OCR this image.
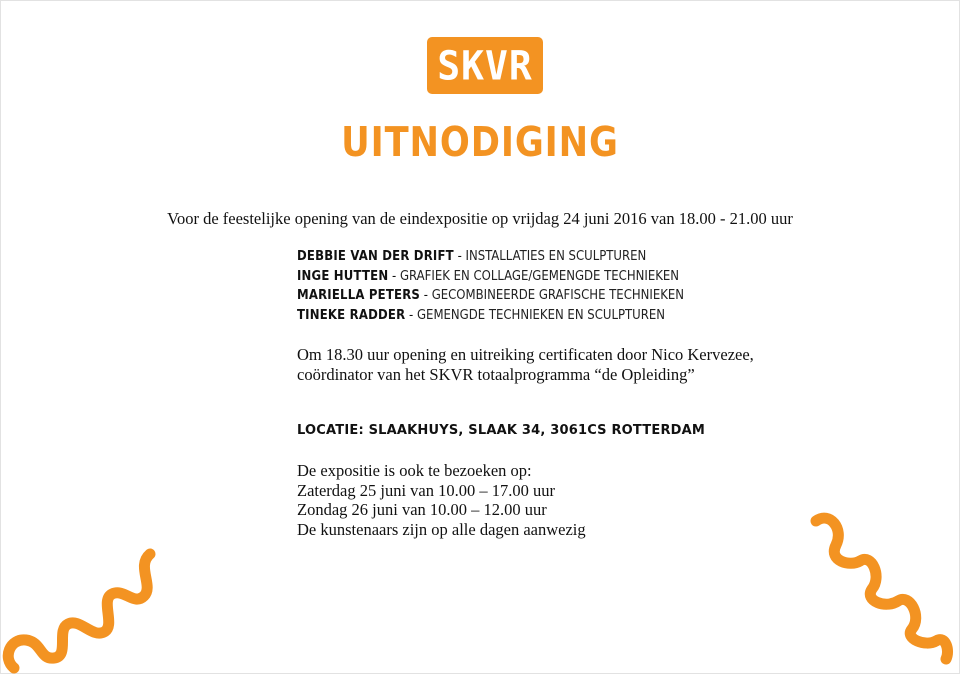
SKVR
UITNODIGING
Voor de feestelijke opening van de eindexpositie op vrijdag 24 juni 2016 van 18.00 - 21.00 uur
DEBBIE VAN DER DRIFT - INSTALLATIES EN SCULPTUREN
INGE HUTTEN - GRAFIEK EN COLLAGE/GEMENGDE TECHNIEKEN
MARIELLA PETERS - GECOMBINEERDE GRAFISCHE TECHNIEKEN
TINEKE RADDER - GEMENGDE TECHNIEKEN EN SCULPTUREN
Om 18.30 uur opening en uitreiking certificaten door Nico Kervezee,
coördinator van het SKVR totaalprogramma “de Opleiding”
LOCATIE: SLAAKHUYS, SLAAK 34, 3061CS ROTTERDAM
De expositie is ook te bezoeken op:
Zaterdag 25 juni van 10.00 – 17.00 uur
Zondag 26 juni van 10.00 – 12.00 uur
De kunstenaars zijn op alle dagen aanwezig
